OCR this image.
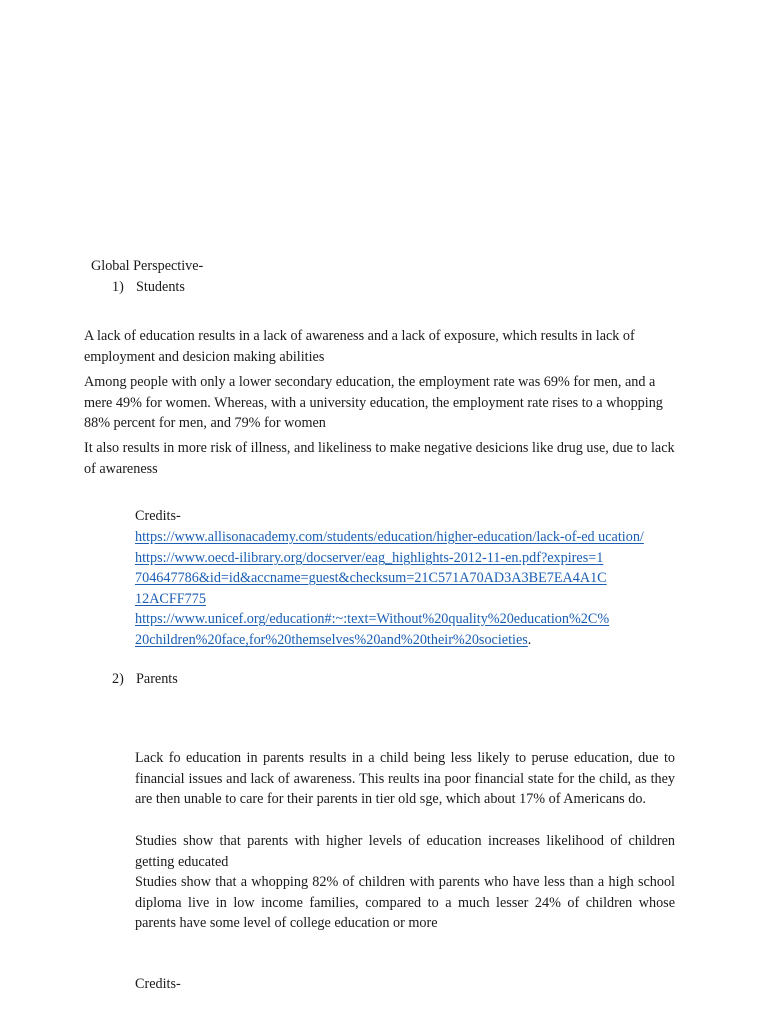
Global Perspective-
1) Students
A lack of education results in a lack of awareness and a lack of exposure, which results in lack of employment and desicion making abilities
Among people with only a lower secondary education, the employment rate was 69% for men, and a mere 49% for women. Whereas, with a university education, the employment rate rises to a whopping 88% percent for men, and 79% for women
It also results in more risk of illness, and likeliness to make negative desicions like drug use, due to lack of awareness
Credits-
https://www.allisonacademy.com/students/education/higher-education/lack-of-ed ucation/
https://www.oecd-ilibrary.org/docserver/eag_highlights-2012-11-en.pdf?expires=1
704647786&id=id&accname=guest&checksum=21C571A70AD3A3BE7EA4A1C
12ACFF775
https://www.unicef.org/education#:~:text=Without%20quality%20education%2C%
20children%20face,for%20themselves%20and%20their%20societies.
2) Parents
Lack fo education in parents results in a child being less likely to peruse education, due to financial issues and lack of awareness. This reults ina poor financial state for the child, as they are then unable to care for their parents in tier old sge, which about 17% of Americans do.
Studies show that parents with higher levels of education increases likelihood of children getting educated
Studies show that a whopping 82% of children with parents who have less than a high school diploma live in low income families, compared to a much lesser 24% of children whose parents have some level of college education or more
Credits-
